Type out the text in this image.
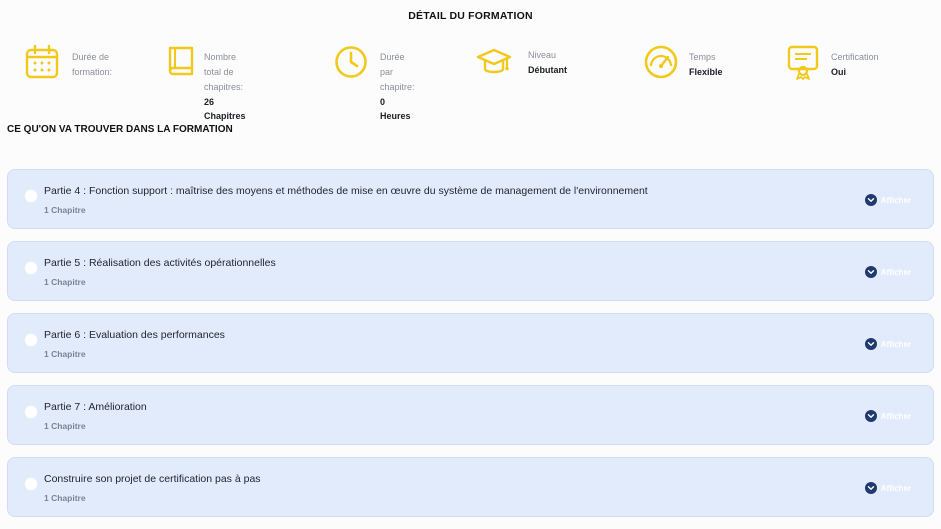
DÉTAIL DU FORMATION
Durée de
formation:
Nombre total de
chapitres:
26 Chapitres
Durée par chapitre:
0 Heures
Niveau
Débutant
Temps
Flexible
Certification
Oui
CE QU'ON VA TROUVER DANS LA FORMATION
Partie 4 : Fonction support : maîtrise des moyens et méthodes de mise en œuvre du système de management de l'environnement
1 Chapitre
Afficher
Partie 5 : Réalisation des activités opérationnelles
1 Chapitre
Afficher
Partie 6 : Evaluation des performances
1 Chapitre
Afficher
Partie 7 : Amélioration
1 Chapitre
Afficher
Construire son projet de certification pas à pas
1 Chapitre
Afficher
